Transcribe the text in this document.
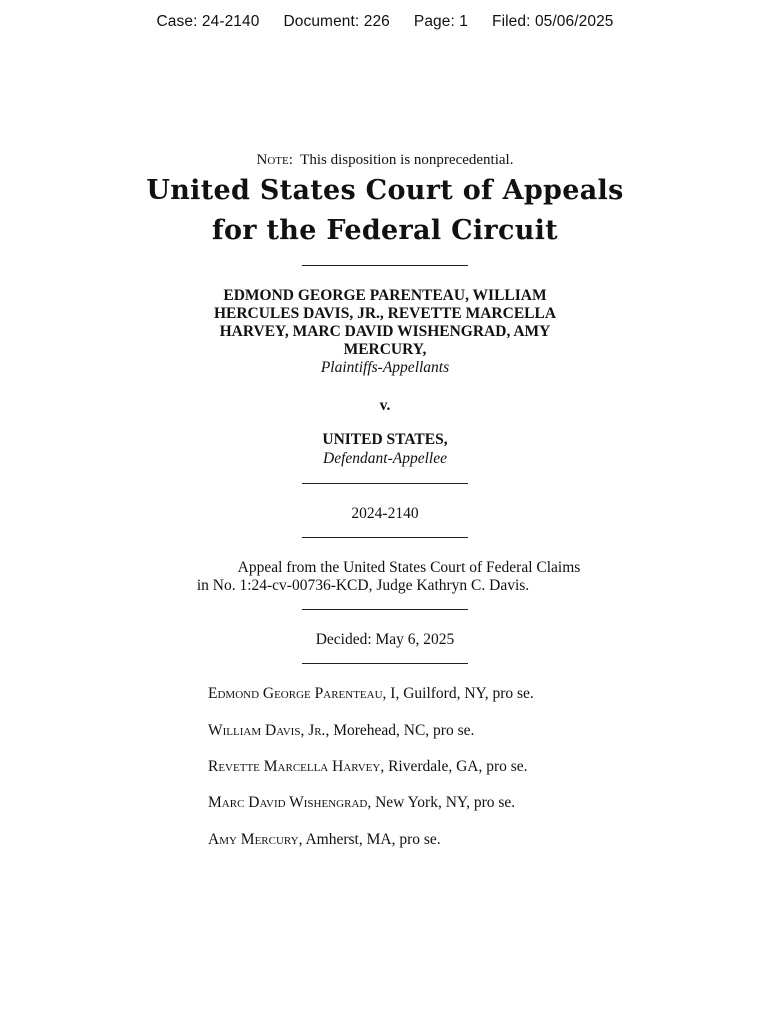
Case: 24-2140 Document: 226 Page: 1 Filed: 05/06/2025
Note: This disposition is nonprecedential.
United States Court of Appeals
for the Federal Circuit
EDMOND GEORGE PARENTEAU, WILLIAM
HERCULES DAVIS, JR., REVETTE MARCELLA
HARVEY, MARC DAVID WISHENGRAD, AMY
MERCURY,
Plaintiffs-Appellants
v.
UNITED STATES,
Defendant-Appellee
2024-2140
Appeal from the United States Court of Federal Claims
in No. 1:24-cv-00736-KCD, Judge Kathryn C. Davis.
Decided: May 6, 2025
Edmond George Parenteau, I, Guilford, NY, pro se.
William Davis, Jr., Morehead, NC, pro se.
Revette Marcella Harvey, Riverdale, GA, pro se.
Marc David Wishengrad, New York, NY, pro se.
Amy Mercury, Amherst, MA, pro se.
